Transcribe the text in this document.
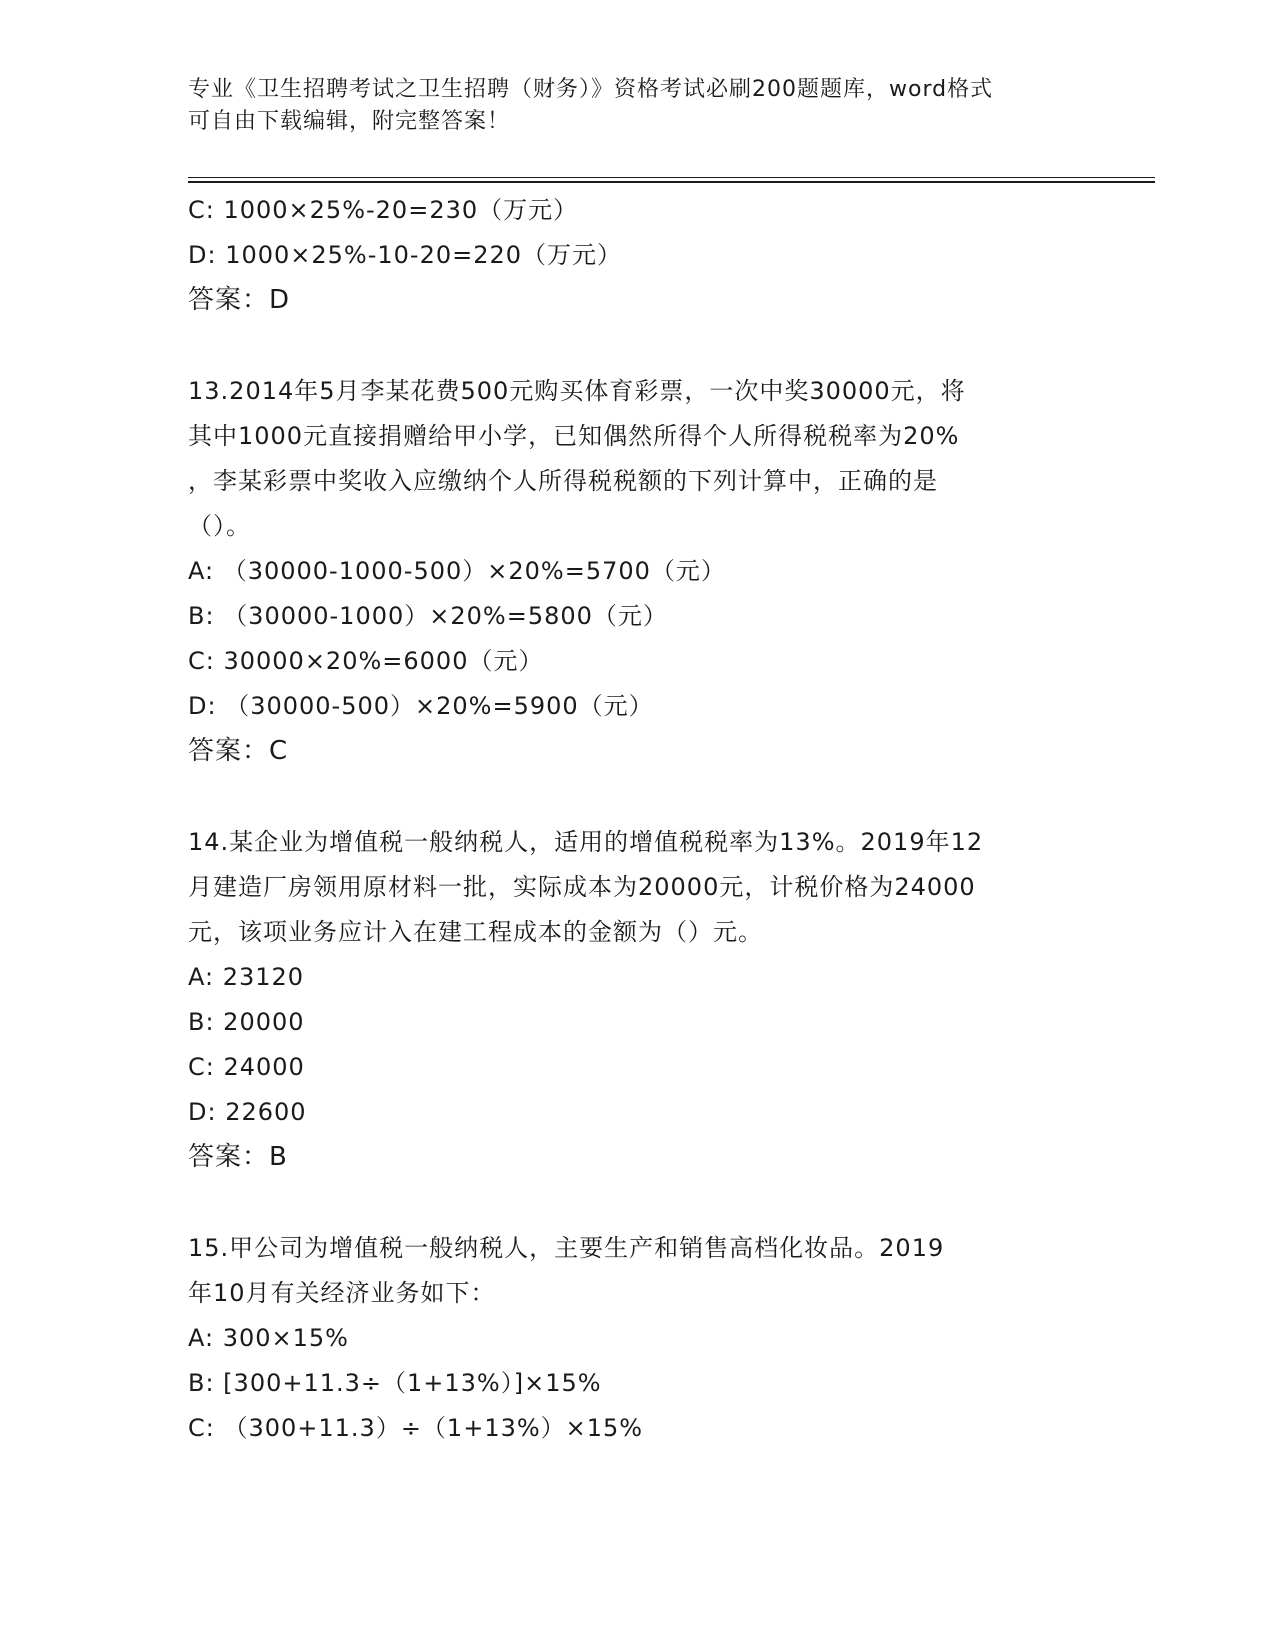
专业《卫生招聘考试之卫生招聘（财务）》资格考试必刷200题题库，word格式
可自由下载编辑，附完整答案！
C: 1000×25%-20=230（万元）
D: 1000×25%-10-20=220（万元）
答案：D
13.2014年5月李某花费500元购买体育彩票，一次中奖30000元，将
其中1000元直接捐赠给甲小学，已知偶然所得个人所得税税率为20%
，李某彩票中奖收入应缴纳个人所得税税额的下列计算中，正确的是
（）。
A: （30000-1000-500）×20%=5700（元）
B: （30000-1000）×20%=5800（元）
C: 30000×20%=6000（元）
D: （30000-500）×20%=5900（元）
答案：C
14.某企业为增值税一般纳税人，适用的增值税税率为13%。2019年12
月建造厂房领用原材料一批，实际成本为20000元，计税价格为24000
元，该项业务应计入在建工程成本的金额为（）元。
A: 23120
B: 20000
C: 24000
D: 22600
答案：B
15.甲公司为增值税一般纳税人，主要生产和销售高档化妆品。2019
年10月有关经济业务如下：
A: 300×15%
B: [300+11.3÷（1+13%）]×15%
C: （300+11.3）÷（1+13%）×15%
